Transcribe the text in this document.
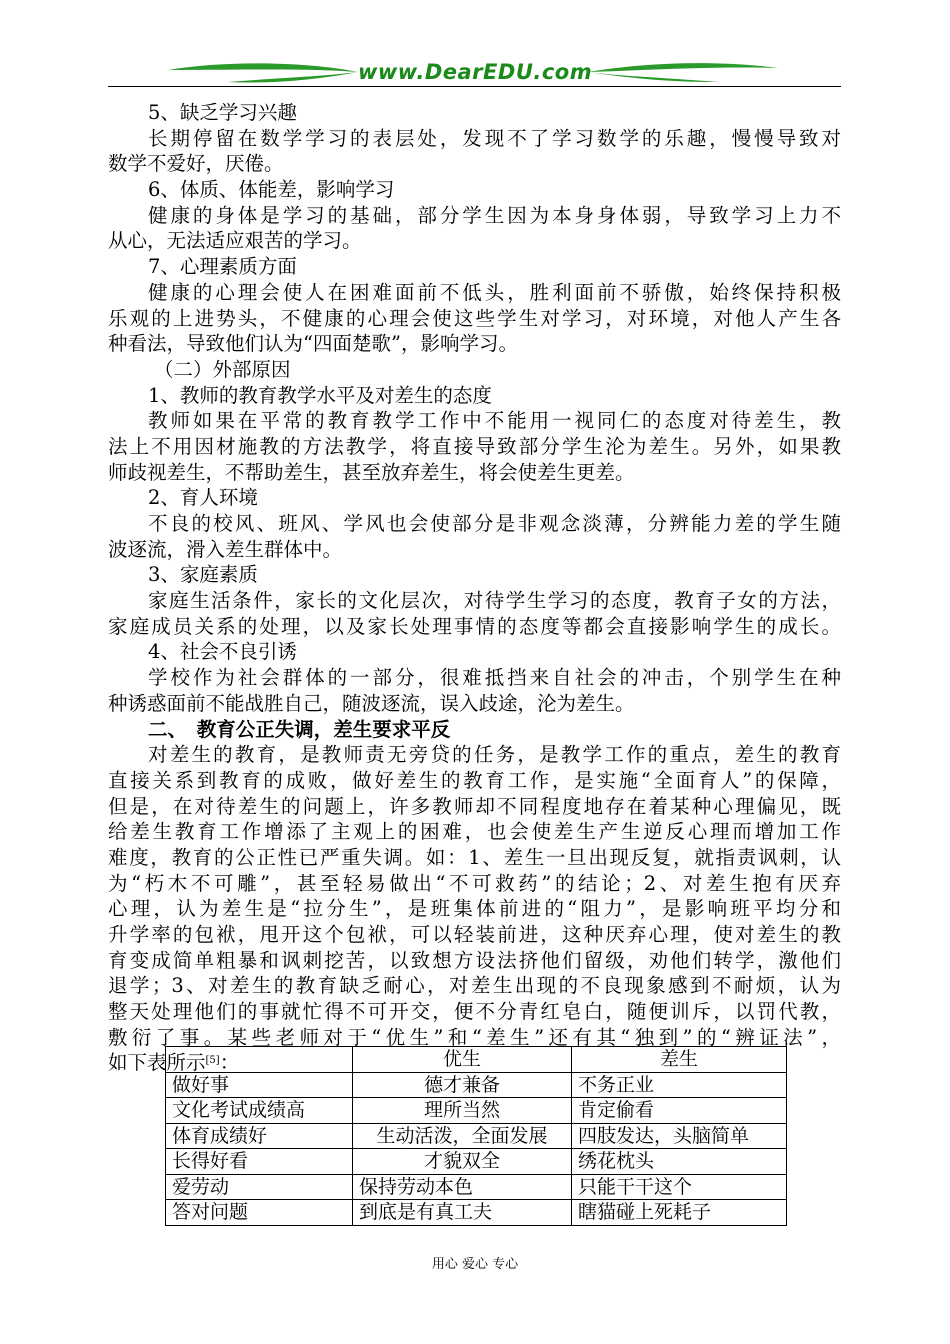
www.DearEDU.com
5、缺乏学习兴趣
长期停留在数学学习的表层处，发现不了学习数学的乐趣，慢慢导致对
数学不爱好，厌倦。
6、体质、体能差，影响学习
健康的身体是学习的基础，部分学生因为本身身体弱，导致学习上力不
从心，无法适应艰苦的学习。
7、心理素质方面
健康的心理会使人在困难面前不低头，胜利面前不骄傲，始终保持积极
乐观的上进势头，不健康的心理会使这些学生对学习，对环境，对他人产生各
种看法，导致他们认为“四面楚歌”，影响学习。
（二）外部原因
1、教师的教育教学水平及对差生的态度
教师如果在平常的教育教学工作中不能用一视同仁的态度对待差生，教
法上不用因材施教的方法教学，将直接导致部分学生沦为差生。另外，如果教
师歧视差生，不帮助差生，甚至放弃差生，将会使差生更差。
2、育人环境
不良的校风、班风、学风也会使部分是非观念淡薄，分辨能力差的学生随
波逐流，滑入差生群体中。
3、家庭素质
家庭生活条件，家长的文化层次，对待学生学习的态度，教育子女的方法，
家庭成员关系的处理，以及家长处理事情的态度等都会直接影响学生的成长。
4、社会不良引诱
学校作为社会群体的一部分，很难抵挡来自社会的冲击，个别学生在种
种诱惑面前不能战胜自己，随波逐流，误入歧途，沦为差生。
二、　教育公正失调，差生要求平反
对差生的教育，是教师责无旁贷的任务，是教学工作的重点，差生的教育
直接关系到教育的成败，做好差生的教育工作，是实施“全面育人”的保障，
但是，在对待差生的问题上，许多教师却不同程度地存在着某种心理偏见，既
给差生教育工作增添了主观上的困难，也会使差生产生逆反心理而增加工作
难度，教育的公正性已严重失调。如：1、差生一旦出现反复，就指责讽刺，认
为“朽木不可雕”，甚至轻易做出“不可救药”的结论；2、对差生抱有厌弃
心理，认为差生是“拉分生”，是班集体前进的“阻力”，是影响班平均分和
升学率的包袱，甩开这个包袱，可以轻装前进，这种厌弃心理，使对差生的教
育变成简单粗暴和讽刺挖苦，以致想方设法挤他们留级，劝他们转学，激他们
退学；3、对差生的教育缺乏耐心，对差生出现的不良现象感到不耐烦，认为
整天处理他们的事就忙得不可开交，便不分青红皂白，随便训斥，以罚代教，
敷衍了事。某些老师对于“优生”和“差生”还有其“独到”的“辨证法”，
如下表所示[5]：
		优生	差生
做好事	德才兼备	不务正业
文化考试成绩高	理所当然	肯定偷看
体育成绩好	生动活泼，全面发展	四肢发达，头脑简单
长得好看	才貌双全	绣花枕头
爱劳动	保持劳动本色	只能干干这个
答对问题	到底是有真工夫	瞎猫碰上死耗子
用心 爱心 专心
